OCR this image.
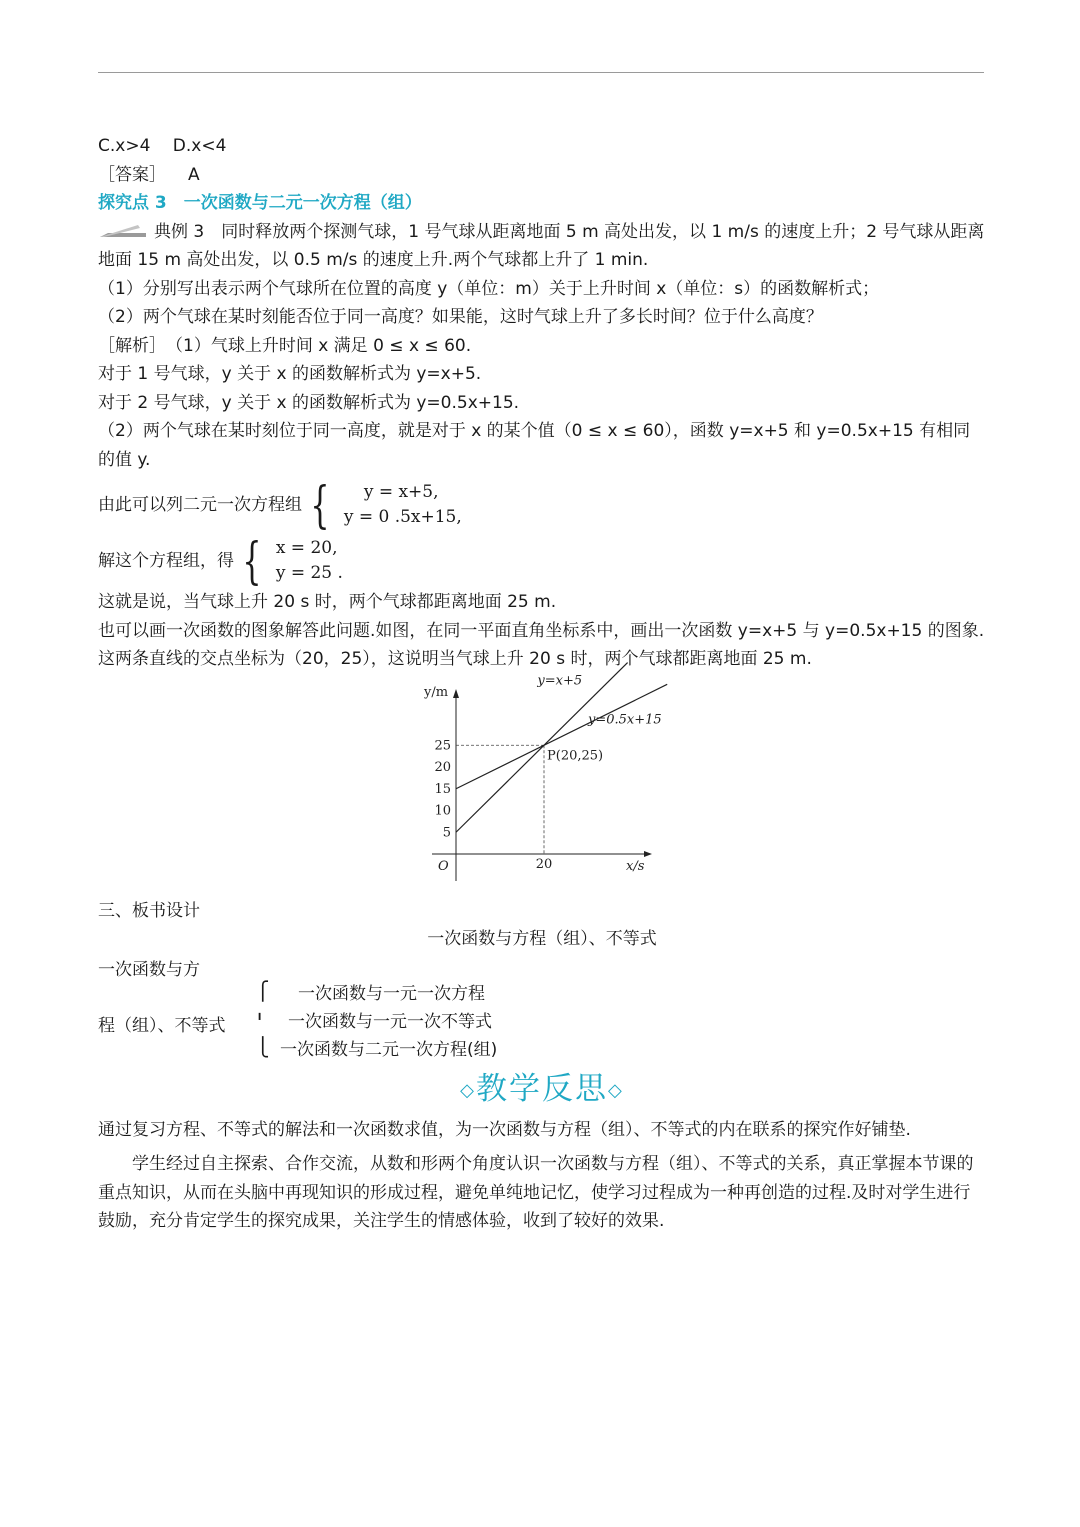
C.x>4　 D.x<4

［答案］ A

探究点 3　一次函数与二元一次方程（组）

典例 3　 同时释放两个探测气球，1 号气球从距离地面 5 m 高处出发，以 1 m/s 的速度上升；2 号气球从距离地面 15 m 高处出发，以 0.5 m/s 的速度上升.两个气球都上升了 1 min.

（1）分别写出表示两个气球所在位置的高度 y（单位：m）关于上升时间 x（单位：s）的函数解析式；

（2）两个气球在某时刻能否位于同一高度？如果能，这时气球上升了多长时间？位于什么高度？

［解析］　 （1）气球上升时间 x 满足 0 ≤ x ≤ 60.

对于 1 号气球，y 关于 x 的函数解析式为 y=x+5.

对于 2 号气球，y 关于 x 的函数解析式为 y=0.5x+15.

（2）两个气球在某时刻位于同一高度，就是对于 x 的某个值（0 ≤ x ≤ 60），函数 y=x+5 和 y=0.5x+15 有相同的值 y.

由此可以列二元一次方程组 {	y = x+5,
y = 0 .5x+15,
解这个方程组，得 { x = 20,
y = 25 .

这就是说，当气球上升 20 s 时，两个气球都距离地面 25 m.

也可以画一次函数的图象解答此问题.如图，在同一平面直角坐标系中，画出一次函数 y=x+5 与 y=0.5x+15 的图象.这两条直线的交点坐标为（20，25），这说明当气球上升 20 s 时，两个气球都距离地面 25 m.

y/m
x/s
O
5
10
15
20
25
20
y=x+5
y=0.5x+15
P(20,25)

三、板书设计

一次函数与方程（组）、不等式

一次函数与方
程（组）、不等式
⎧
╹
⎩
一次函数与一元一次方程
一次函数与一元一次不等式
一次函数与二元一次方程(组)
◇教学反思◇

通过复习方程、不等式的解法和一次函数求值，为一次函数与方程（组）、不等式的内在联系的探究作好铺垫.

学生经过自主探索、合作交流，从数和形两个角度认识一次函数与方程（组）、不等式的关系，真正掌握本节课的重点知识，从而在头脑中再现知识的形成过程，避免单纯地记忆，使学习过程成为一种再创造的过程.及时对学生进行鼓励，充分肯定学生的探究成果，关注学生的情感体验，收到了较好的效果.
